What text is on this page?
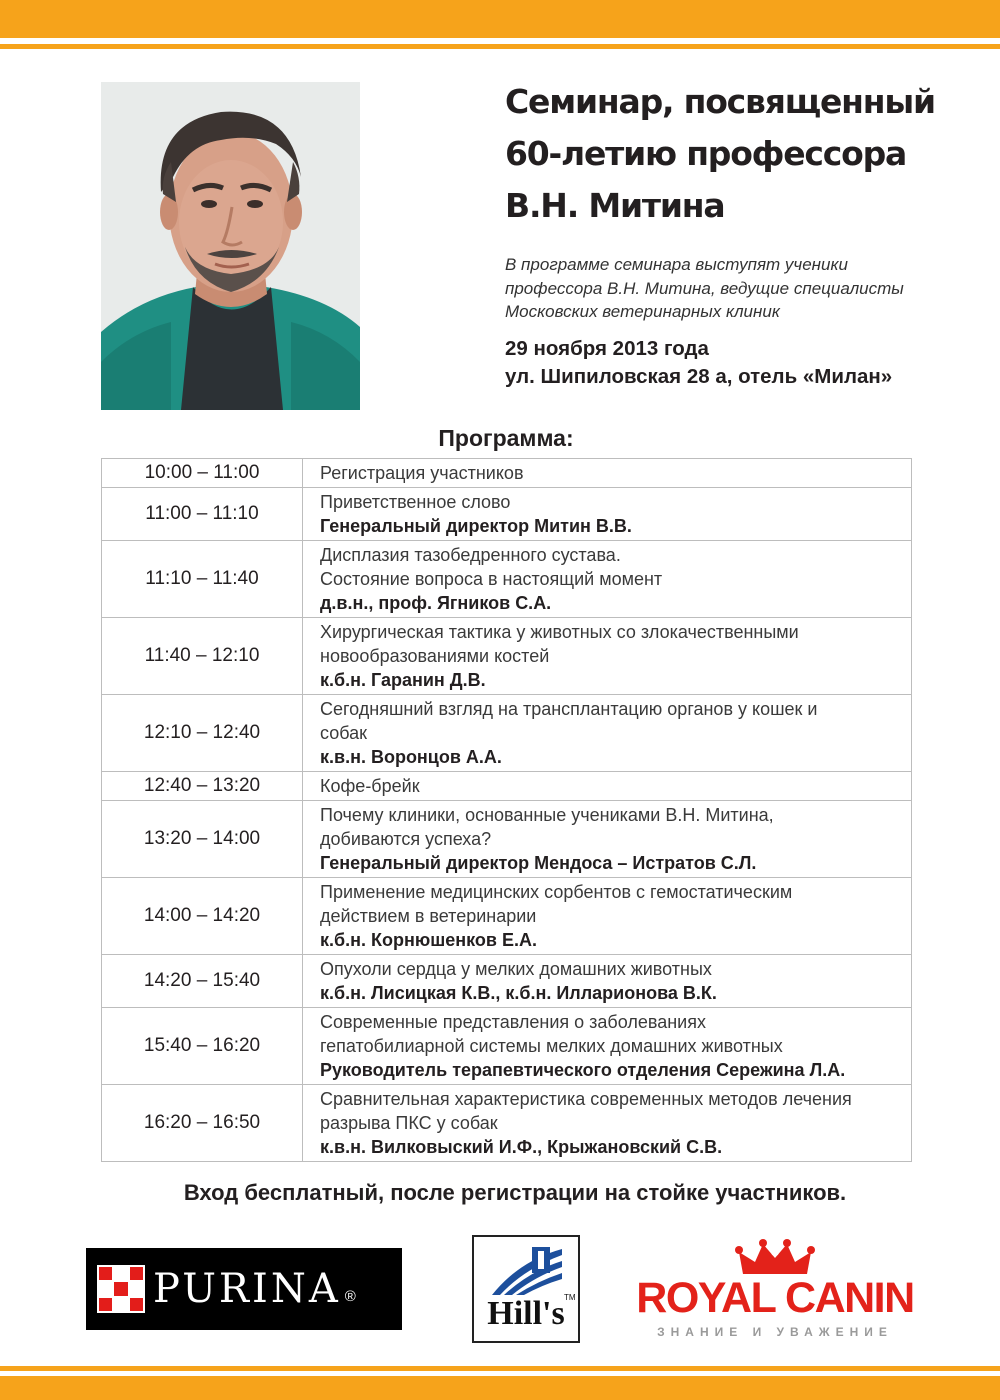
Семинар, посвященный
60-летию профессора
В.Н. Митина
В программе семинара выступят ученики
профессора В.Н. Митина, ведущие специалисты
Московских ветеринарных клиник
29 ноября 2013 года
ул. Шипиловская 28 а, отель «Милан»
Программа:
10:00 – 11:00	Регистрация участников

11:00 – 11:10	Приветственное слово
Генеральный директор Митин В.В.

11:10 – 11:40	Дисплазия тазобедренного сустава.
Состояние вопроса в настоящий момент
д.в.н., проф. Ягников С.А.

11:40 – 12:10	Хирургическая тактика у животных со злокачественными
новообразованиями костей
к.б.н. Гаранин Д.В.

12:10 – 12:40	Сегодняшний взгляд на трансплантацию органов у кошек и
собак
к.в.н. Воронцов А.А.

12:40 – 13:20	Кофе-брейк

13:20 – 14:00	Почему клиники, основанные учениками В.Н. Митина,
добиваются успеха?
Генеральный директор Мендоса – Истратов С.Л.

14:00 – 14:20	Применение медицинских сорбентов с гемостатическим
действием в ветеринарии
к.б.н. Корнюшенков Е.А.

14:20 – 15:40	Опухоли сердца у мелких домашних животных
к.б.н. Лисицкая К.В., к.б.н. Илларионова В.К.

15:40 – 16:20	Современные представления о заболеваниях
гепатобилиарной системы мелких домашних животных
Руководитель терапевтического отделения Сережина Л.А.

16:20 – 16:50	Сравнительная характеристика современных методов лечения
разрыва ПКС у собак
к.в.н. Вилковыский И.Ф., Крыжановский С.В.
Вход бесплатный, после регистрации на стойке участников.
PURINA ®	Hill's TM ROYAL CANIN
ЗНАНИЕ И УВАЖЕНИЕ
